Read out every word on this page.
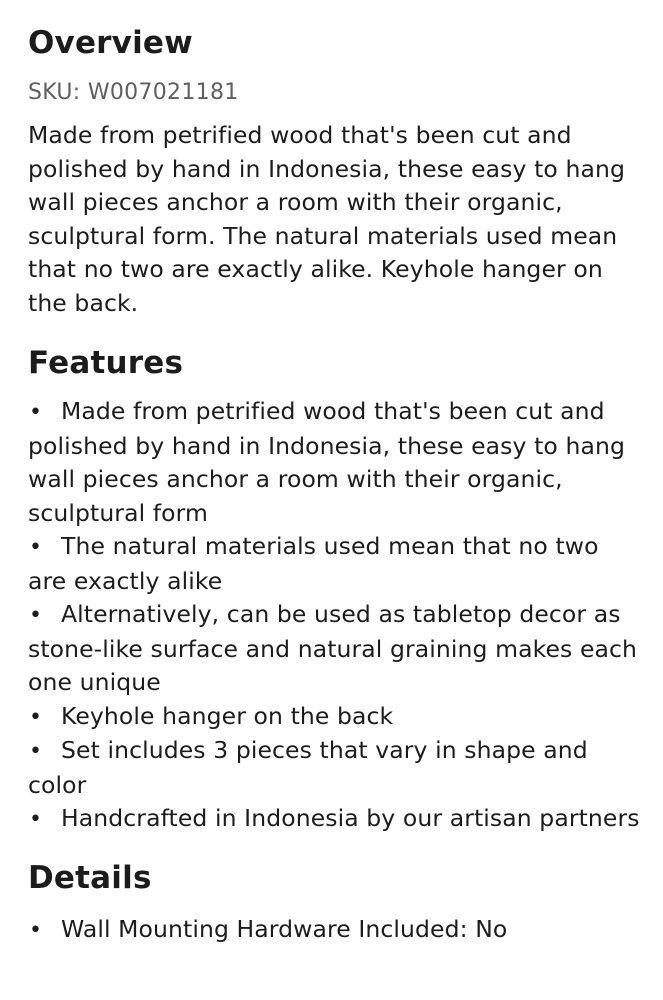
Overview
SKU: W007021181

Made from petrified wood that's been cut and polished by hand in Indonesia, these easy to hang wall pieces anchor a room with their organic, sculptural form. The natural materials used mean that no two are exactly alike. Keyhole hanger on the back.

Features
•Made from petrified wood that's been cut and polished by hand in Indonesia, these easy to hang wall pieces anchor a room with their organic, sculptural form
•The natural materials used mean that no two are exactly alike
•Alternatively, can be used as tabletop decor as stone-like surface and natural graining makes each one unique
•Keyhole hanger on the back
•Set includes 3 pieces that vary in shape and color
•Handcrafted in Indonesia by our artisan partners
Details
•Wall Mounting Hardware Included: No
